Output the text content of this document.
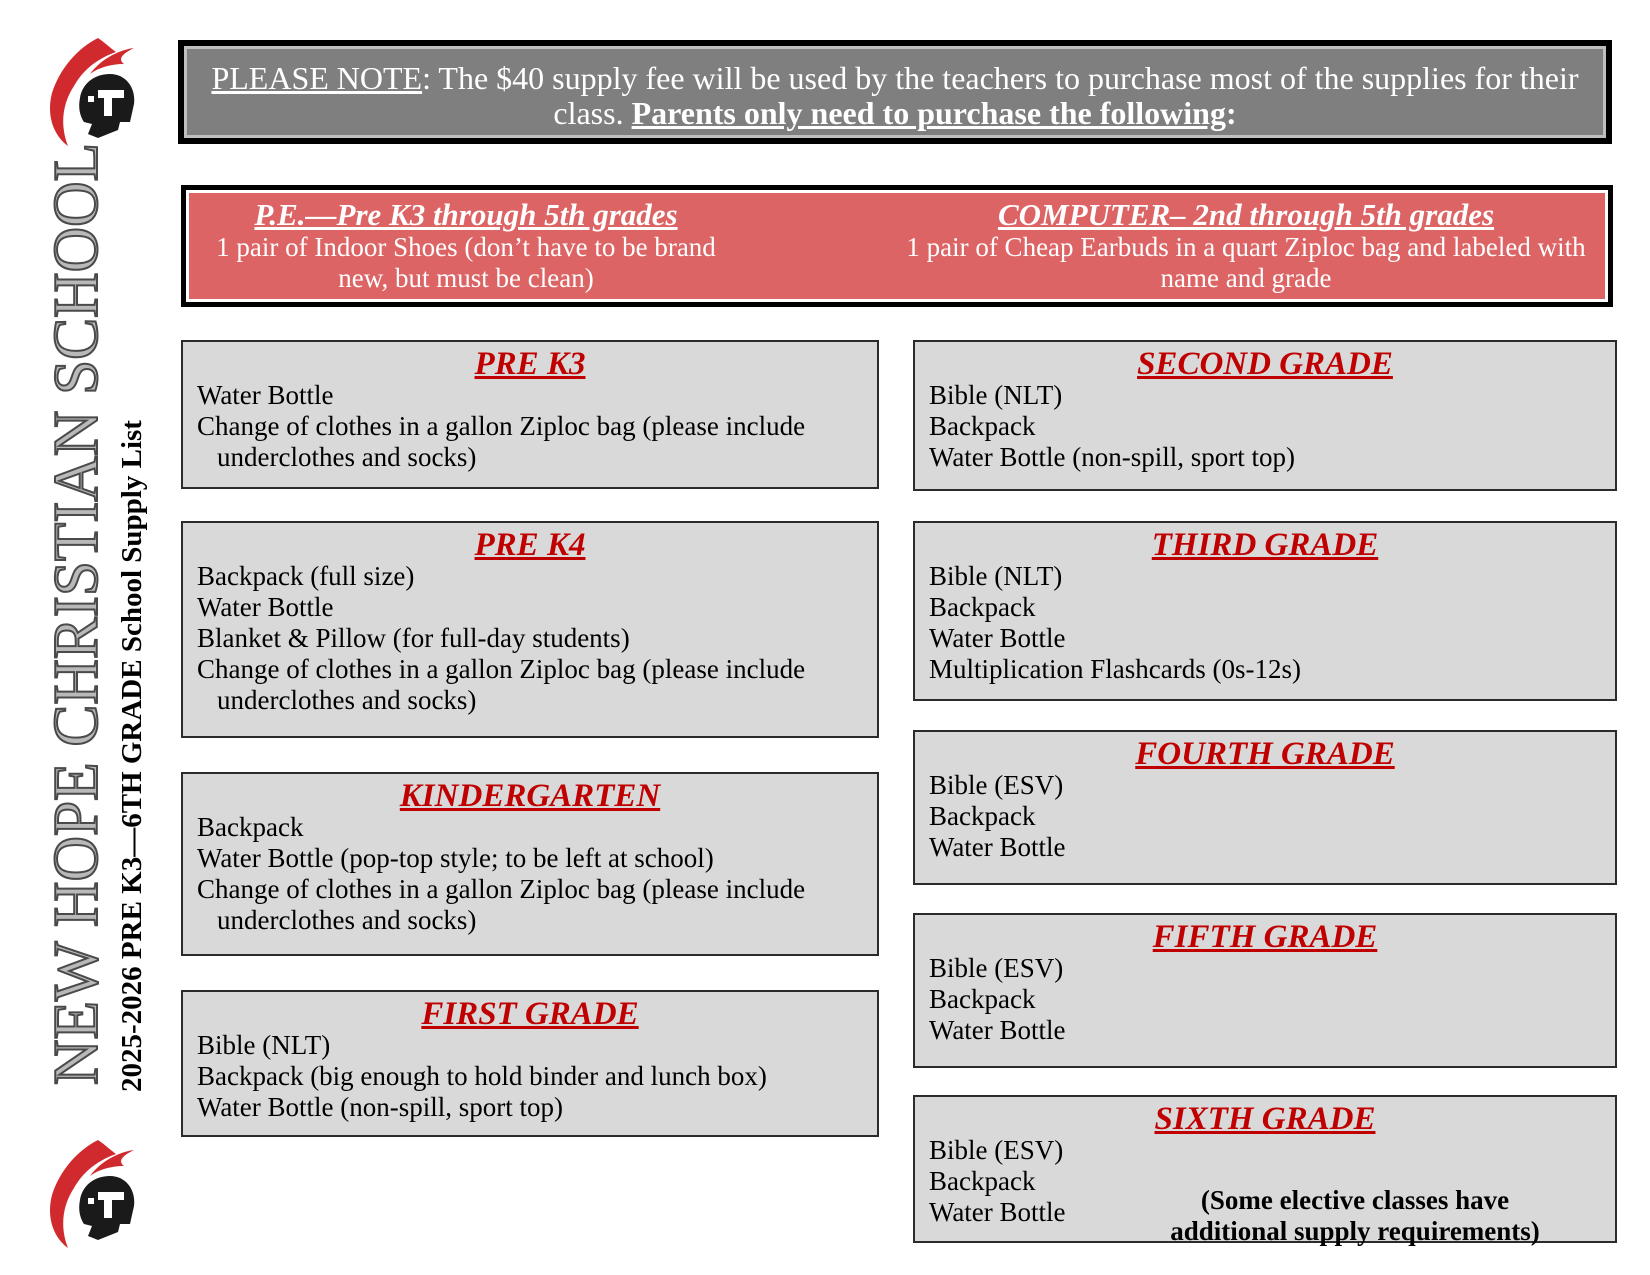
NEW HOPE CHRISTIAN SCHOOL 2025-2026 PRE K3—6TH GRADE School Supply List
PLEASE NOTE: The $40 supply fee will be used by the teachers to purchase most of the supplies for their class. Parents only need to purchase the following:
P.E.—Pre K3 through 5th grades
1 pair of Indoor Shoes (don’t have to be brand new, but must be clean)
COMPUTER– 2nd through 5th grades
1 pair of Cheap Earbuds in a quart Ziploc bag and labeled with name and grade
PRE K3
Water Bottle
Change of clothes in a gallon Ziploc bag (please include underclothes and socks)
PRE K4
Backpack (full size)
Water Bottle
Blanket & Pillow (for full-day students)
Change of clothes in a gallon Ziploc bag (please include underclothes and socks)
KINDERGARTEN
Backpack
Water Bottle (pop-top style; to be left at school)
Change of clothes in a gallon Ziploc bag (please include underclothes and socks)
FIRST GRADE
Bible (NLT)
Backpack (big enough to hold binder and lunch box)
Water Bottle (non-spill, sport top)
SECOND GRADE
Bible (NLT)
Backpack
Water Bottle (non-spill, sport top)
THIRD GRADE
Bible (NLT)
Backpack
Water Bottle
Multiplication Flashcards (0s-12s)
FOURTH GRADE
Bible (ESV)
Backpack
Water Bottle
FIFTH GRADE
Bible (ESV)
Backpack
Water Bottle
SIXTH GRADE
Bible (ESV)
Backpack
Water Bottle	(Some elective classes have additional supply requirements)
